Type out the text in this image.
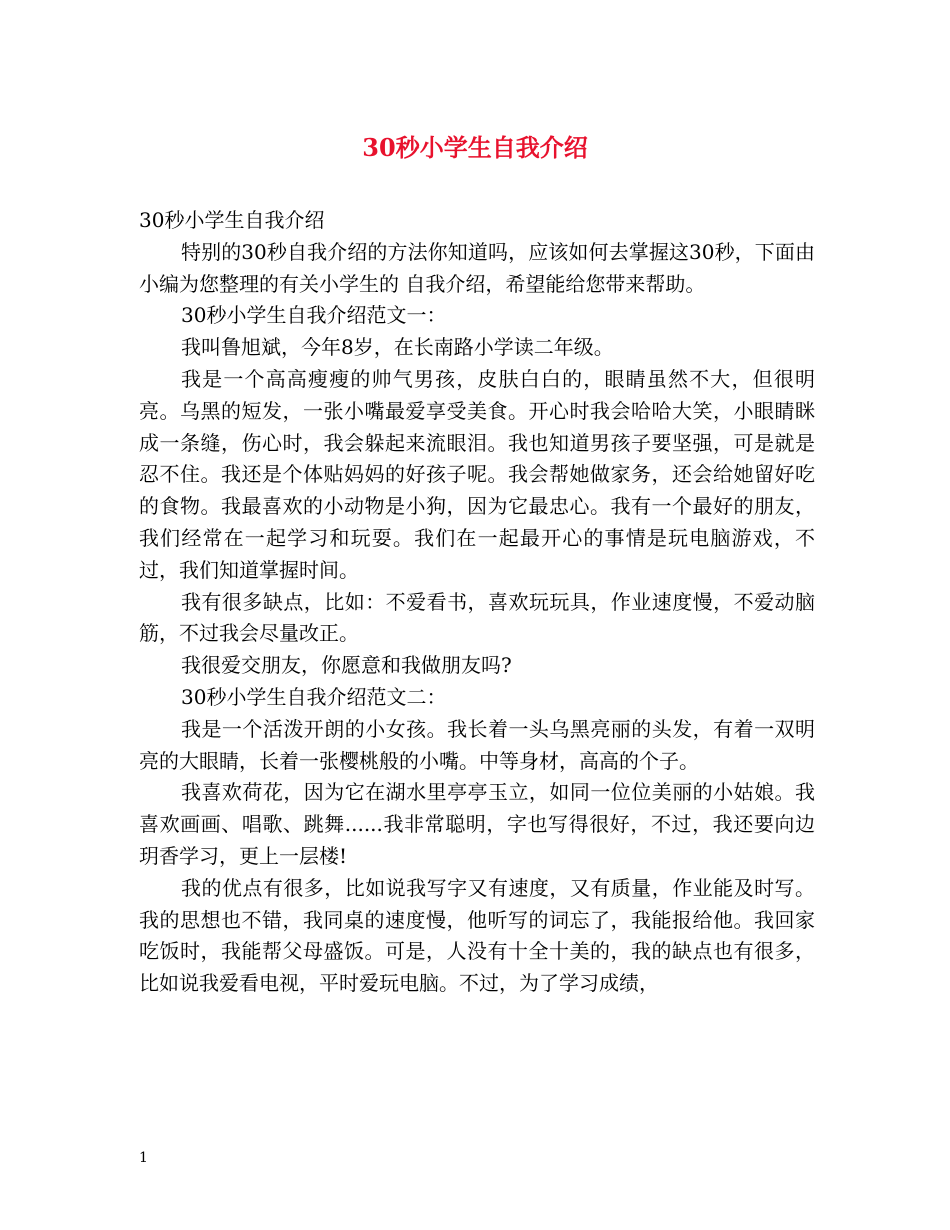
30秒小学生自我介绍

30秒小学生自我介绍

特别的30秒自我介绍的方法你知道吗，应该如何去掌握这30秒，下面由小编为您整理的有关小学生的 自我介绍，希望能给您带来帮助。

30秒小学生自我介绍范文一：

我叫鲁旭斌，今年8岁，在长南路小学读二年级。

我是一个高高瘦瘦的帅气男孩，皮肤白白的，眼睛虽然不大，但很明亮。乌黑的短发，一张小嘴最爱享受美食。开心时我会哈哈大笑，小眼睛眯成一条缝，伤心时，我会躲起来流眼泪。我也知道男孩子要坚强，可是就是忍不住。我还是个体贴妈妈的好孩子呢。我会帮她做家务，还会给她留好吃的食物。我最喜欢的小动物是小狗，因为它最忠心。我有一个最好的朋友，我们经常在一起学习和玩耍。我们在一起最开心的事情是玩电脑游戏，不过，我们知道掌握时间。

我有很多缺点，比如：不爱看书，喜欢玩玩具，作业速度慢，不爱动脑筋，不过我会尽量改正。

我很爱交朋友，你愿意和我做朋友吗?

30秒小学生自我介绍范文二：

我是一个活泼开朗的小女孩。我长着一头乌黑亮丽的头发，有着一双明亮的大眼睛，长着一张樱桃般的小嘴。中等身材，高高的个子。

我喜欢荷花，因为它在湖水里亭亭玉立，如同一位位美丽的小姑娘。我喜欢画画、唱歌、跳舞......我非常聪明，字也写得很好，不过，我还要向边玥香学习，更上一层楼!

我的优点有很多，比如说我写字又有速度，又有质量，作业能及时写。我的思想也不错，我同桌的速度慢，他听写的词忘了，我能报给他。我回家吃饭时，我能帮父母盛饭。可是，人没有十全十美的，我的缺点也有很多，比如说我爱看电视，平时爱玩电脑。不过，为了学习成绩，

1
